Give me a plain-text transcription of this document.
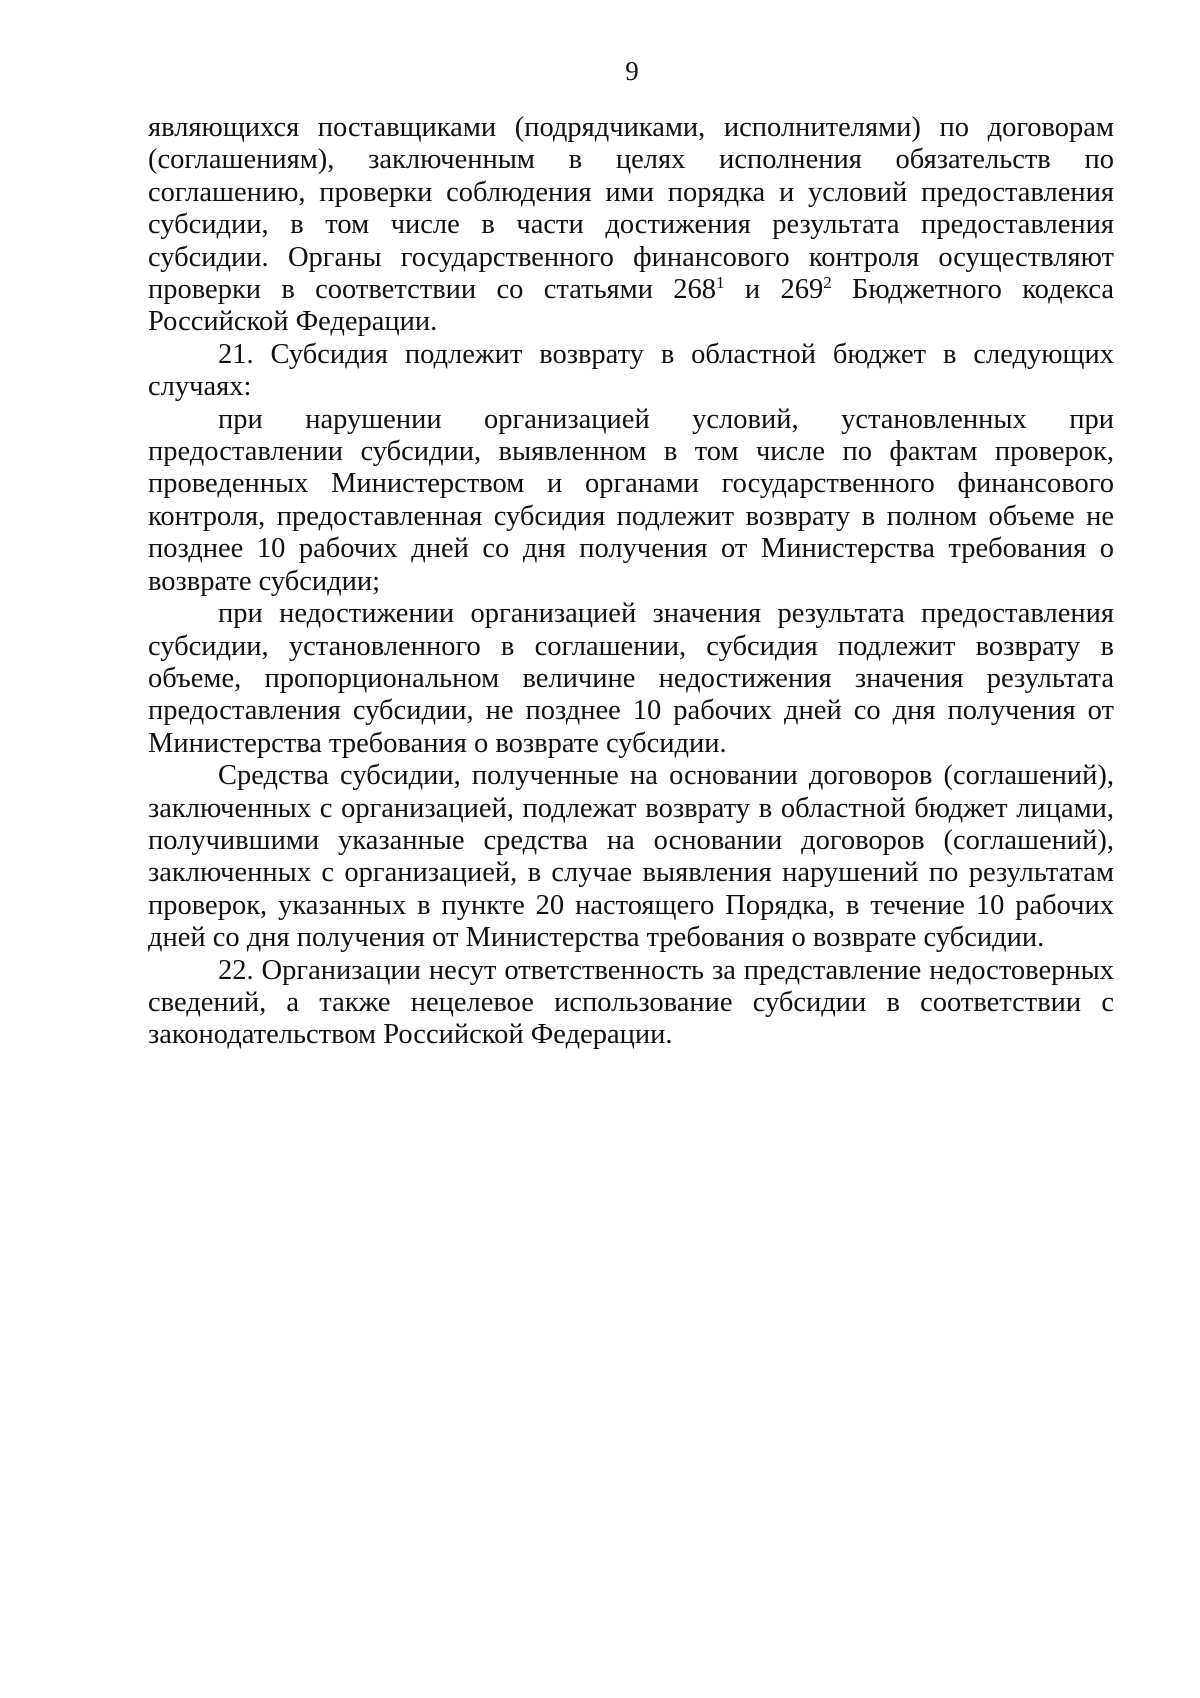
9

являющихся поставщиками (подрядчиками, исполнителями) по договорам (соглашениям), заключенным в целях исполнения обязательств по соглашению, проверки соблюдения ими порядка и условий предоставления субсидии, в том числе в части достижения результата предоставления субсидии. Органы государственного финансового контроля осуществляют проверки в соответствии со статьями $268^1$ и $269^2$ Бюджетного кодекса Российской Федерации.

21. Субсидия подлежит возврату в областной бюджет в следующих случаях:

при нарушении организацией условий, установленных при предоставлении субсидии, выявленном в том числе по фактам проверок, проведенных Министерством и органами государственного финансового контроля, предоставленная субсидия подлежит возврату в полном объеме не позднее 10 рабочих дней со дня получения от Министерства требования о возврате субсидии;

при недостижении организацией значения результата предоставления субсидии, установленного в соглашении, субсидия подлежит возврату в объеме, пропорциональном величине недостижения значения результата предоставления субсидии, не позднее 10 рабочих дней со дня получения от Министерства требования о возврате субсидии.

Средства субсидии, полученные на основании договоров (соглашений), заключенных с организацией, подлежат возврату в областной бюджет лицами, получившими указанные средства на основании договоров (соглашений), заключенных с организацией, в случае выявления нарушений по результатам проверок, указанных в пункте 20 настоящего Порядка, в течение 10 рабочих дней со дня получения от Министерства требования о возврате субсидии.

22. Организации несут ответственность за представление недостоверных сведений, а также нецелевое использование субсидии в соответствии с законодательством Российской Федерации.
